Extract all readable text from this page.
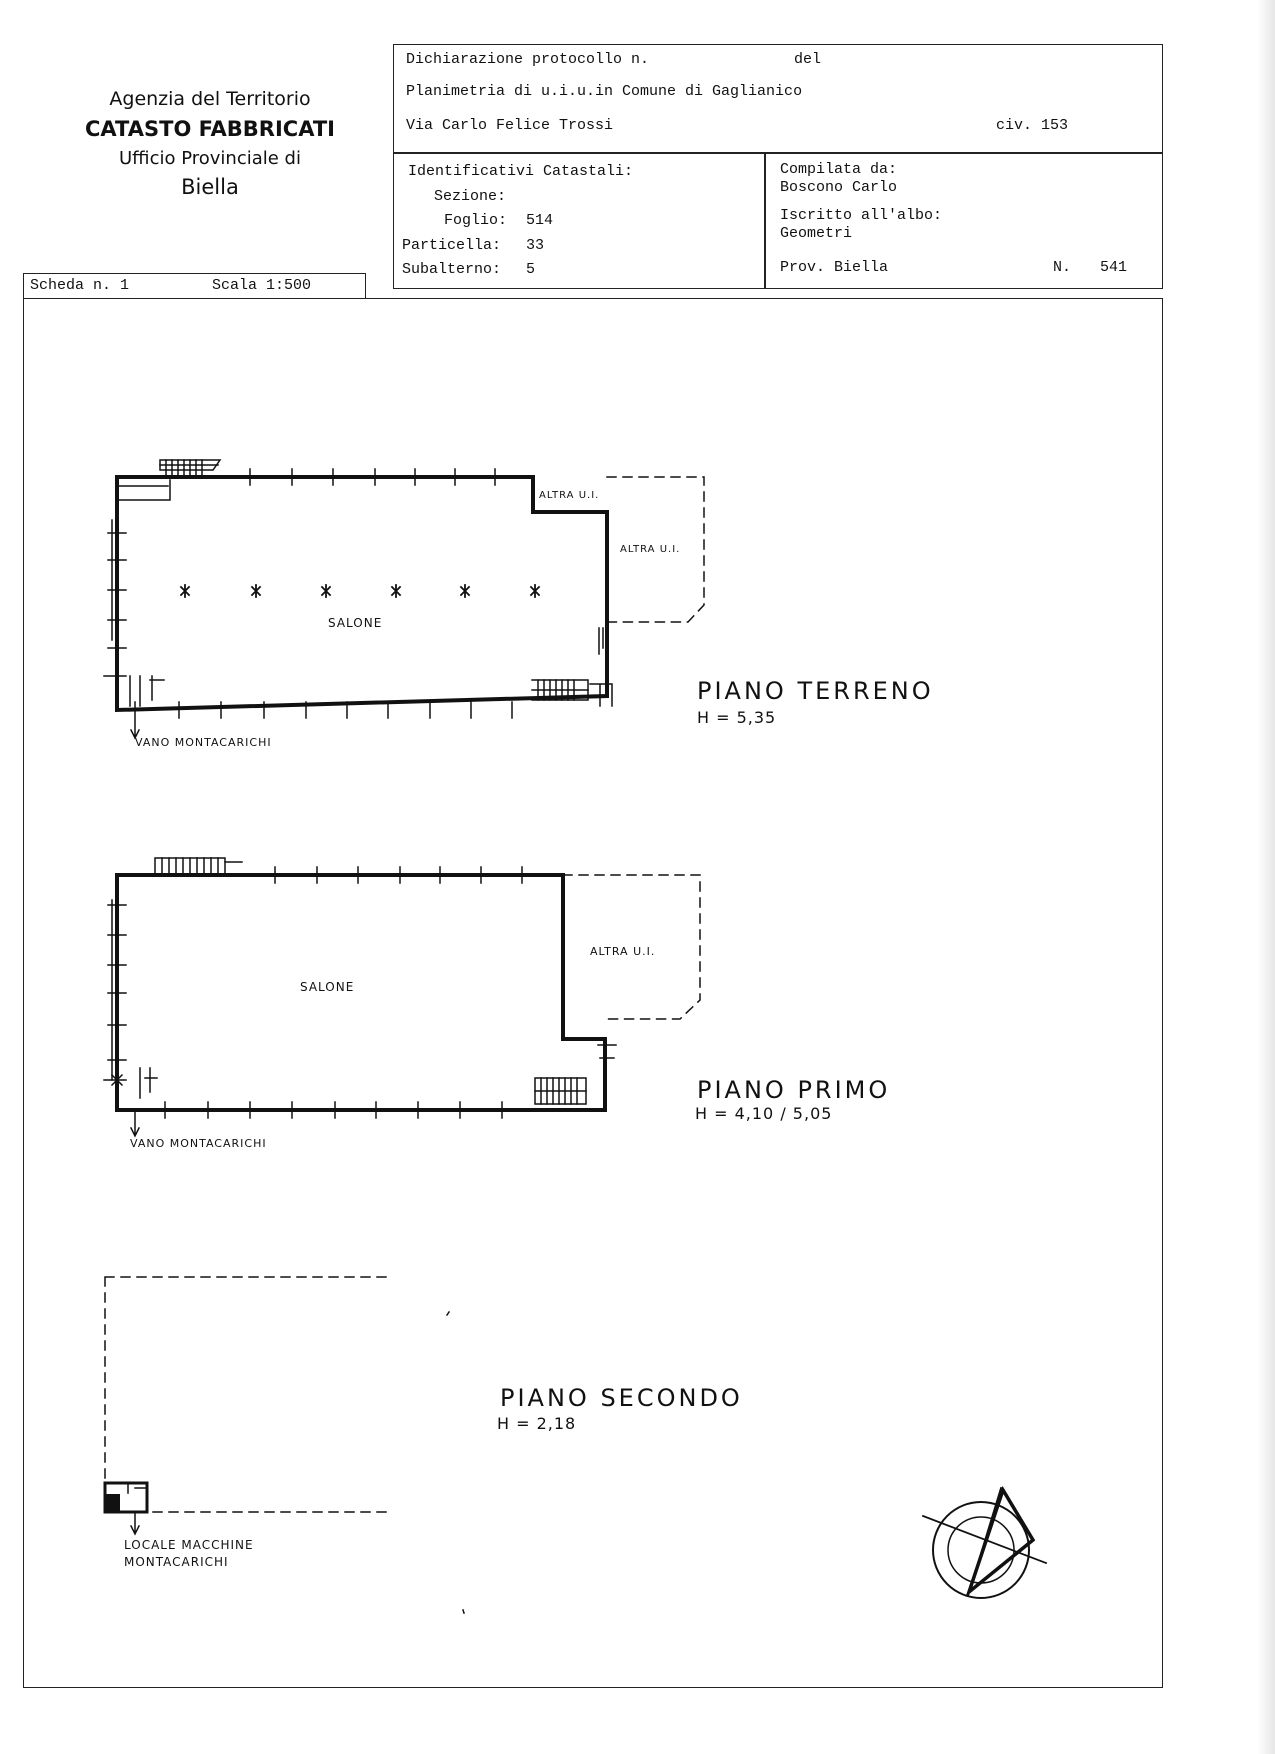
Agenzia del Territorio
CATASTO FABBRICATI
Ufficio Provinciale di
Biella
Dichiarazione protocollo n.	del
Planimetria di u.i.u.in Comune di Gaglianico
Via Carlo Felice Trossi	civ. 153
Identificativi Catastali:
Sezione:
Foglio: 514
Particella: 33
Subalterno: 5
Compilata da:
Boscono Carlo
Iscritto all'albo:
Geometri
Prov. Biella	N. 541
Scheda n. 1	Scala 1:500
SALONE
ALTRA U.I.
ALTRA U.I.
VANO MONTACARICHI
PIANO TERRENO
H = 5,35
SALONE
ALTRA U.I.
VANO MONTACARICHI
PIANO PRIMO
H = 4,10 / 5,05
PIANO SECONDO
H = 2,18
LOCALE MACCHINE
MONTACARICHI
